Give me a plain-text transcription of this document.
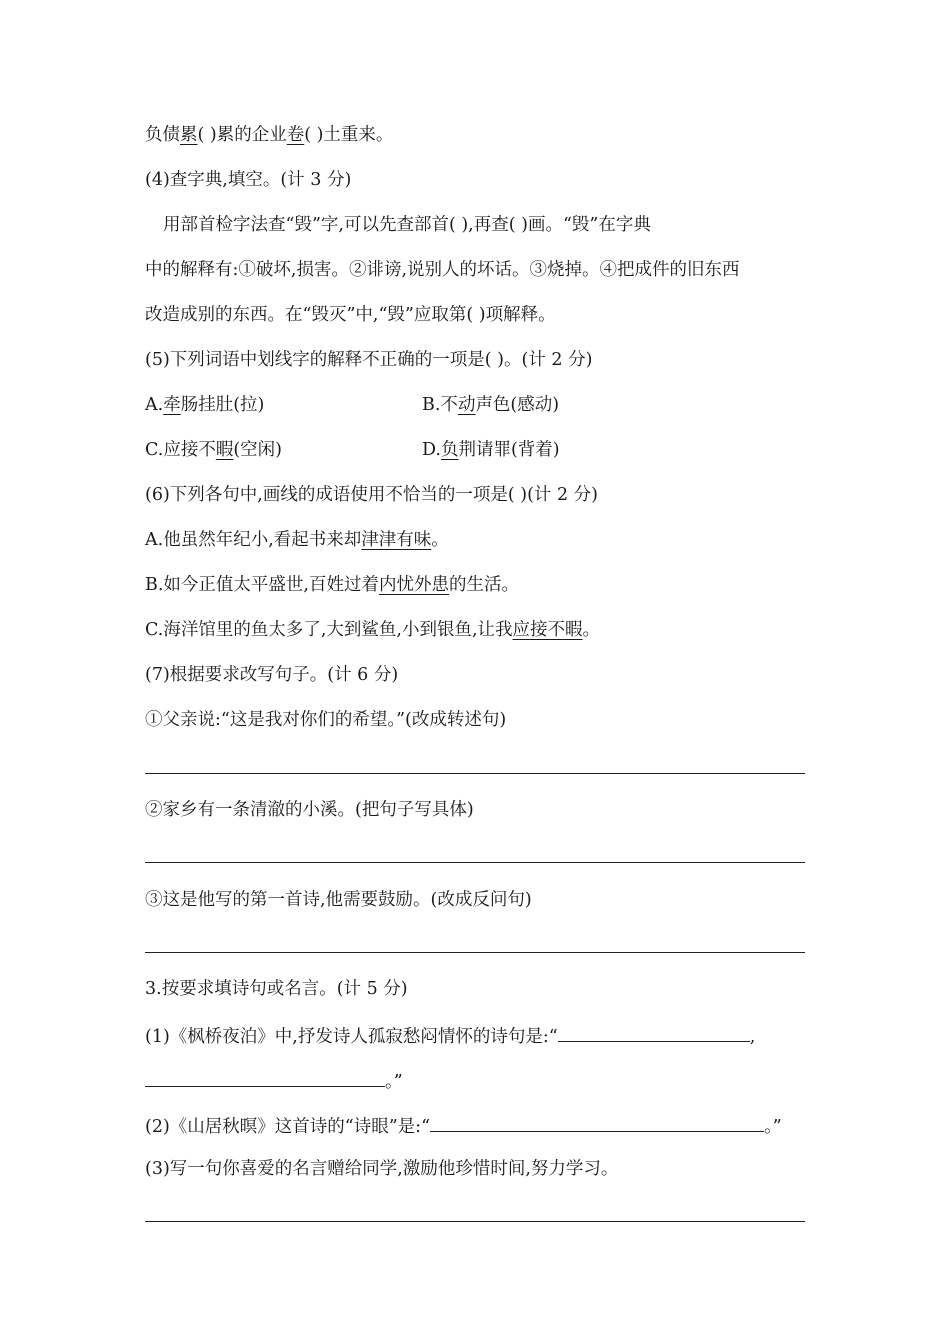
负债累( )累的企业卷( )土重来。

(4)查字典,填空。(计 3 分)

用部首检字法查“毁”字,可以先查部首( ),再查( )画。“毁”在字典

中的解释有:①破坏,损害。②诽谤,说别人的坏话。③烧掉。④把成件的旧东西

改造成别的东西。在“毁灭”中,“毁”应取第( )项解释。

(5)下列词语中划线字的解释不正确的一项是( )。(计 2 分)

A.牵肠挂肚(拉)	B.不动声色(感动)

C.应接不暇(空闲)	D.负荆请罪(背着)

(6)下列各句中,画线的成语使用不恰当的一项是( )(计 2 分)

A.他虽然年纪小,看起书来却津津有味。

B.如今正值太平盛世,百姓过着内忧外患的生活。

C.海洋馆里的鱼太多了,大到鲨鱼,小到银鱼,让我应接不暇。

(7)根据要求改写句子。(计 6 分)

①父亲说:“这是我对你们的希望。”(改成转述句)

②家乡有一条清澈的小溪。(把句子写具体)

③这是他写的第一首诗,他需要鼓励。(改成反问句)

3.按要求填诗句或名言。(计 5 分)

(1)《枫桥夜泊》中,抒发诗人孤寂愁闷情怀的诗句是:“	,

。”

(2)《山居秋暝》这首诗的“诗眼”是:“	。”

(3)写一句你喜爱的名言赠给同学,激励他珍惜时间,努力学习。
